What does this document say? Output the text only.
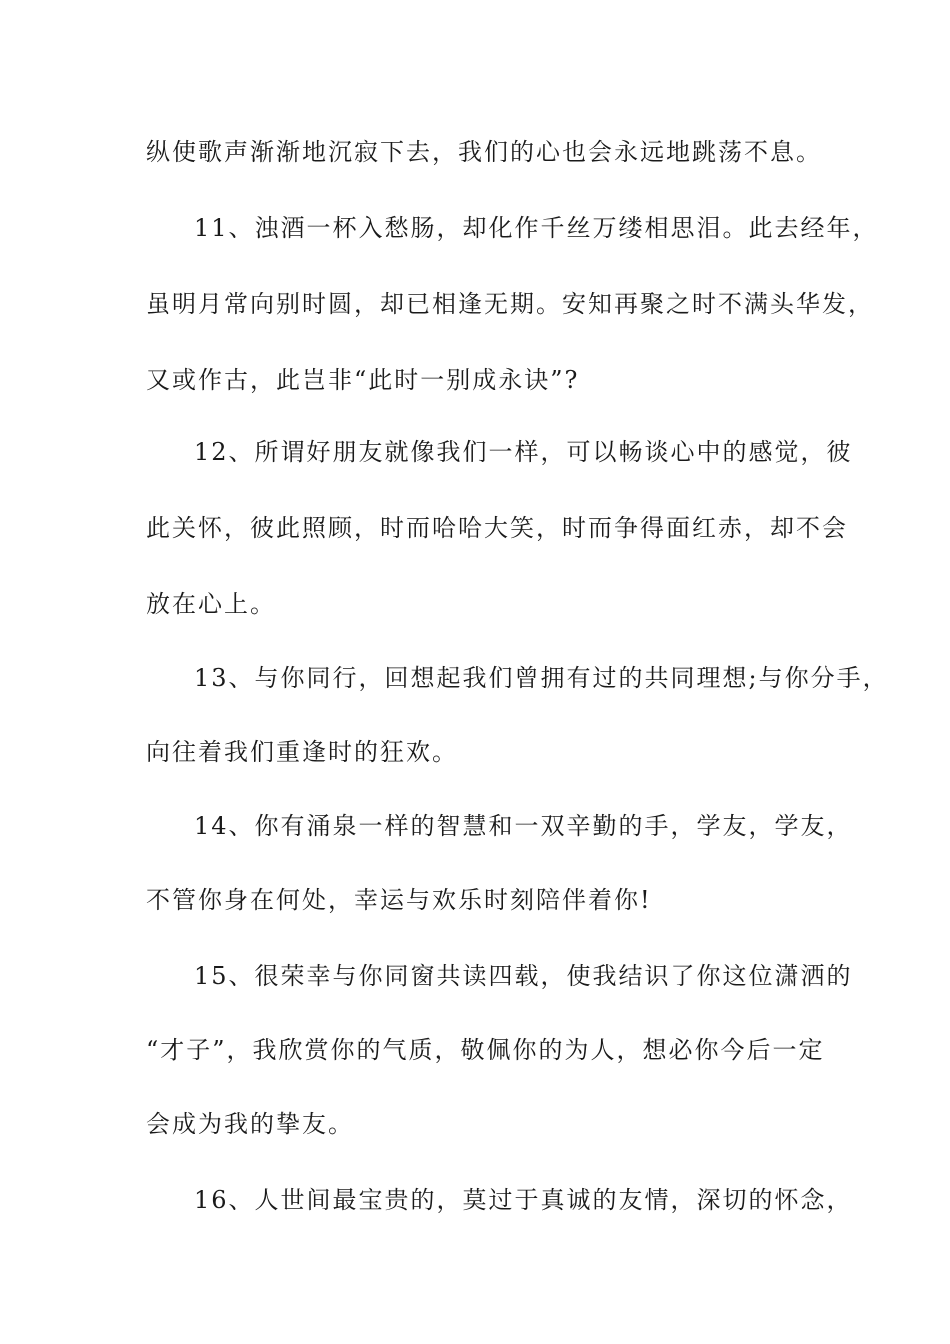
纵使歌声渐渐地沉寂下去，我们的心也会永远地跳荡不息。
11、浊酒一杯入愁肠，却化作千丝万缕相思泪。此去经年，
虽明月常向别时圆，却已相逢无期。安知再聚之时不满头华发，
又或作古，此岂非“此时一别成永诀”?
12、所谓好朋友就像我们一样，可以畅谈心中的感觉，彼
此关怀，彼此照顾，时而哈哈大笑，时而争得面红赤，却不会
放在心上。
13、与你同行，回想起我们曾拥有过的共同理想;与你分手，
向往着我们重逢时的狂欢。
14、你有涌泉一样的智慧和一双辛勤的手，学友，学友，
不管你身在何处，幸运与欢乐时刻陪伴着你!
15、很荣幸与你同窗共读四载，使我结识了你这位潇洒的
“才子”，我欣赏你的气质，敬佩你的为人，想必你今后一定
会成为我的挚友。
16、人世间最宝贵的，莫过于真诚的友情，深切的怀念，
